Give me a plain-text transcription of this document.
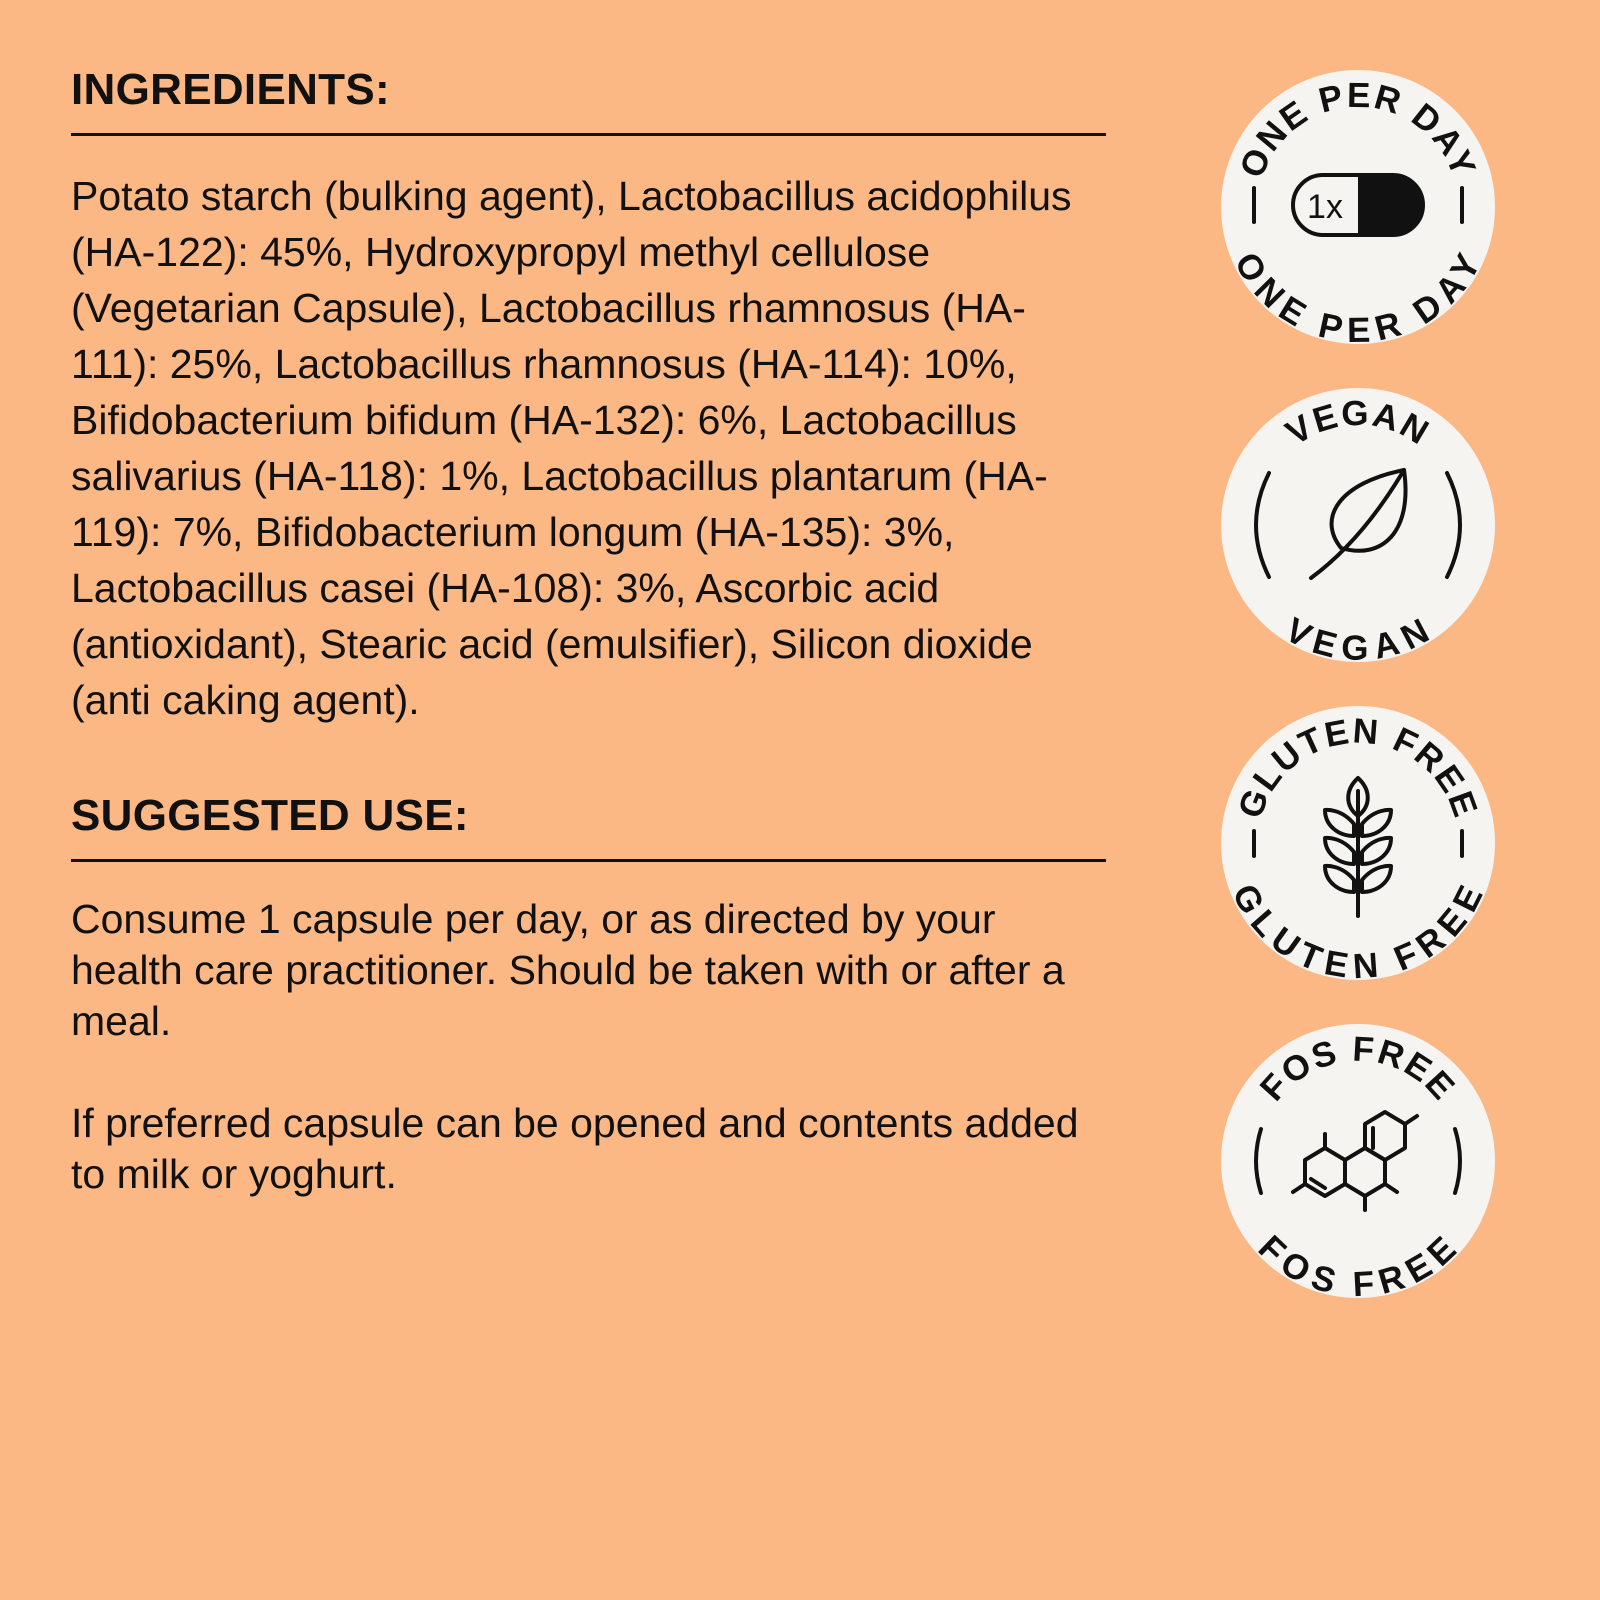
INGREDIENTS:

Potato starch (bulking agent), Lactobacillus acidophilus (HA-122): 45%, Hydroxypropyl methyl cellulose (Vegetarian Capsule), Lactobacillus rhamnosus (HA-111): 25%, Lactobacillus rhamnosus (HA-114): 10%, Bifidobacterium bifidum (HA-132): 6%, Lactobacillus salivarius (HA-118): 1%, Lactobacillus plantarum (HA-119): 7%, Bifidobacterium longum (HA-135): 3%, Lactobacillus casei (HA-108): 3%, Ascorbic acid (antioxidant), Stearic acid (emulsifier), Silicon dioxide (anti caking agent).

SUGGESTED USE:

Consume 1 capsule per day, or as directed by your health care practitioner. Should be taken with or after a meal.

If preferred capsule can be opened and contents added to milk or yoghurt.

ONE PER DAY
ONE PER DAY
1x
VEGAN
VEGAN
GLUTEN FREE
GLUTEN FREE
FOS FREE
FOS FREE
